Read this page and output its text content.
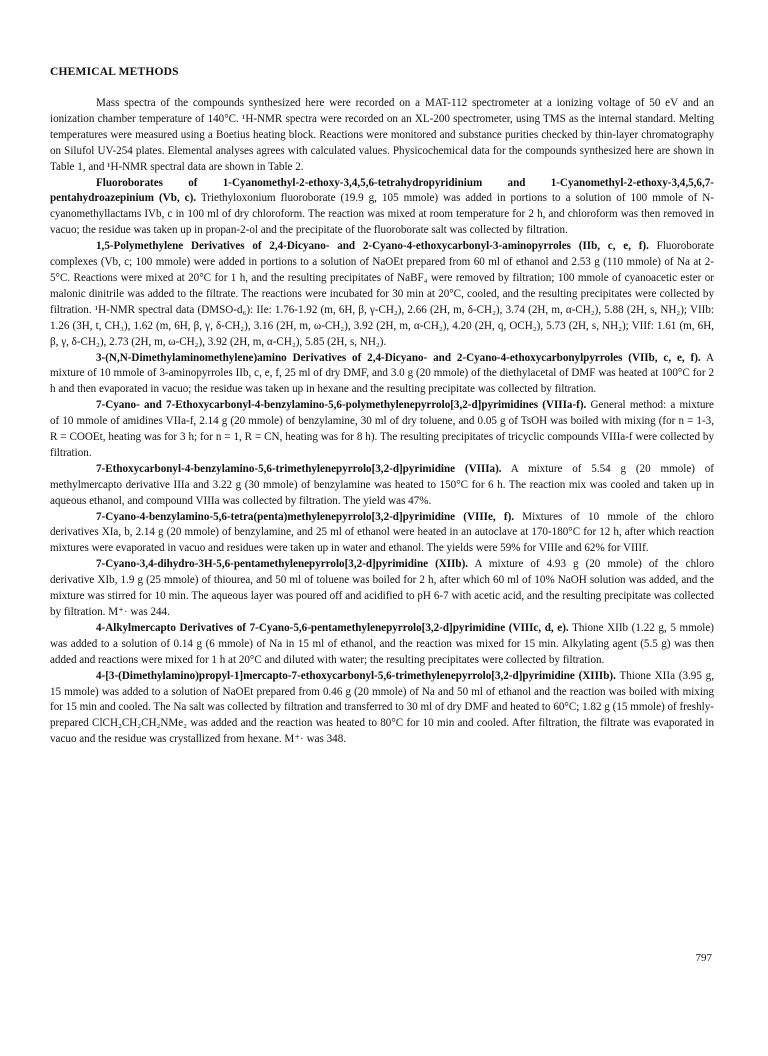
CHEMICAL METHODS

Mass spectra of the compounds synthesized here were recorded on a MAT-112 spectrometer at a ionizing voltage of 50 eV and an ionization chamber temperature of 140°C. ¹H-NMR spectra were recorded on an XL-200 spectrometer, using TMS as the internal standard. Melting temperatures were measured using a Boetius heating block. Reactions were monitored and substance purities checked by thin-layer chromatography on Silufol UV-254 plates. Elemental analyses agrees with calculated values. Physicochemical data for the compounds synthesized here are shown in Table 1, and ¹H-NMR spectral data are shown in Table 2.

Fluoroborates of 1-Cyanomethyl-2-ethoxy-3,4,5,6-tetrahydropyridinium and 1-Cyanomethyl-2-ethoxy-3,4,5,6,7-pentahydroazepinium (Vb, c). Triethyloxonium fluoroborate (19.9 g, 105 mmole) was added in portions to a solution of 100 mmole of N-cyanomethyllactams IVb, c in 100 ml of dry chloroform. The reaction was mixed at room temperature for 2 h, and chloroform was then removed in vacuo; the residue was taken up in propan-2-ol and the precipitate of the fluoroborate salt was collected by filtration.

1,5-Polymethylene Derivatives of 2,4-Dicyano- and 2-Cyano-4-ethoxycarbonyl-3-aminopyrroles (IIb, c, e, f). Fluoroborate complexes (Vb, c; 100 mmole) were added in portions to a solution of NaOEt prepared from 60 ml of ethanol and 2.53 g (110 mmole) of Na at 2-5°C. Reactions were mixed at 20°C for 1 h, and the resulting precipitates of NaBF₄ were removed by filtration; 100 mmole of cyanoacetic ester or malonic dinitrile was added to the filtrate. The reactions were incubated for 30 min at 20°C, cooled, and the resulting precipitates were collected by filtration. ¹H-NMR spectral data (DMSO-d₆): IIe: 1.76-1.92 (m, 6H, β, γ-CH₂), 2.66 (2H, m, δ-CH₂), 3.74 (2H, m, α-CH₂), 5.88 (2H, s, NH₂); VIIb: 1.26 (3H, t, CH₃), 1.62 (m, 6H, β, γ, δ-CH₂), 3.16 (2H, m, ω-CH₂), 3.92 (2H, m, α-CH₂), 4.20 (2H, q, OCH₂), 5.73 (2H, s, NH₂); VIIf: 1.61 (m, 6H, β, γ, δ-CH₂), 2.73 (2H, m, ω-CH₂), 3.92 (2H, m, α-CH₂), 5.85 (2H, s, NH₂).

3-(N,N-Dimethylaminomethylene)amino Derivatives of 2,4-Dicyano- and 2-Cyano-4-ethoxycarbonylpyrroles (VIIb, c, e, f). A mixture of 10 mmole of 3-aminopyrroles IIb, c, e, f, 25 ml of dry DMF, and 3.0 g (20 mmole) of the diethylacetal of DMF was heated at 100°C for 2 h and then evaporated in vacuo; the residue was taken up in hexane and the resulting precipitate was collected by filtration.

7-Cyano- and 7-Ethoxycarbonyl-4-benzylamino-5,6-polymethylenepyrrolo[3,2-d]pyrimidines (VIIIa-f). General method: a mixture of 10 mmole of amidines VIIa-f, 2.14 g (20 mmole) of benzylamine, 30 ml of dry toluene, and 0.05 g of TsOH was boiled with mixing (for n = 1-3, R = COOEt, heating was for 3 h; for n = 1, R = CN, heating was for 8 h). The resulting precipitates of tricyclic compounds VIIIa-f were collected by filtration.

7-Ethoxycarbonyl-4-benzylamino-5,6-trimethylenepyrrolo[3,2-d]pyrimidine (VIIIa). A mixture of 5.54 g (20 mmole) of methylmercapto derivative IIIa and 3.22 g (30 mmole) of benzylamine was heated to 150°C for 6 h. The reaction mix was cooled and taken up in aqueous ethanol, and compound VIIIa was collected by filtration. The yield was 47%.

7-Cyano-4-benzylamino-5,6-tetra(penta)methylenepyrrolo[3,2-d]pyrimidine (VIIIe, f). Mixtures of 10 mmole of the chloro derivatives XIa, b, 2.14 g (20 mmole) of benzylamine, and 25 ml of ethanol were heated in an autoclave at 170-180°C for 12 h, after which reaction mixtures were evaporated in vacuo and residues were taken up in water and ethanol. The yields were 59% for VIIIe and 62% for VIIIf.

7-Cyano-3,4-dihydro-3H-5,6-pentamethylenepyrrolo[3,2-d]pyrimidine (XIIb). A mixture of 4.93 g (20 mmole) of the chloro derivative XIb, 1.9 g (25 mmole) of thiourea, and 50 ml of toluene was boiled for 2 h, after which 60 ml of 10% NaOH solution was added, and the mixture was stirred for 10 min. The aqueous layer was poured off and acidified to pH 6-7 with acetic acid, and the resulting precipitate was collected by filtration. M⁺· was 244.

4-Alkylmercapto Derivatives of 7-Cyano-5,6-pentamethylenepyrrolo[3,2-d]pyrimidine (VIIIc, d, e). Thione XIIb (1.22 g, 5 mmole) was added to a solution of 0.14 g (6 mmole) of Na in 15 ml of ethanol, and the reaction was mixed for 15 min. Alkylating agent (5.5 g) was then added and reactions were mixed for 1 h at 20°C and diluted with water; the resulting precipitates were collected by filtration.

4-[3-(Dimethylamino)propyl-1]mercapto-7-ethoxycarbonyl-5,6-trimethylenepyrrolo[3,2-d]pyrimidine (XIIIb). Thione XIIa (3.95 g, 15 mmole) was added to a solution of NaOEt prepared from 0.46 g (20 mmole) of Na and 50 ml of ethanol and the reaction was boiled with mixing for 15 min and cooled. The Na salt was collected by filtration and transferred to 30 ml of dry DMF and heated to 60°C; 1.82 g (15 mmole) of freshly-prepared ClCH₂CH₂CH₂NMe₂ was added and the reaction was heated to 80°C for 10 min and cooled. After filtration, the filtrate was evaporated in vacuo and the residue was crystallized from hexane. M⁺· was 348.

797
